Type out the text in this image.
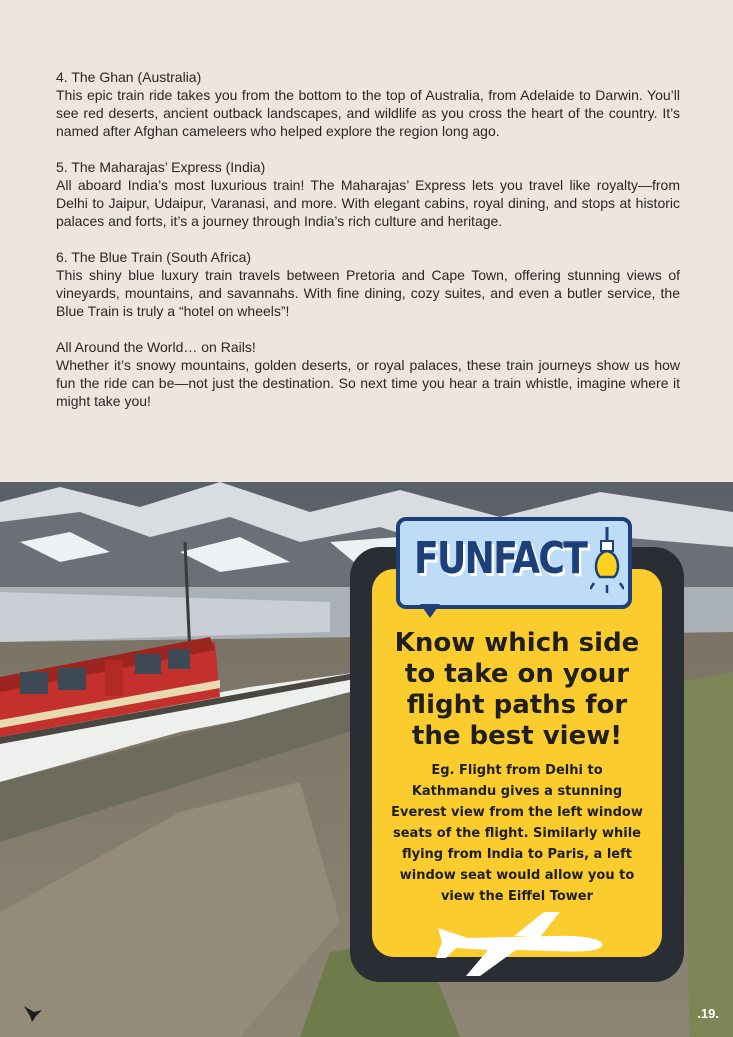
4. The Ghan (Australia)

This epic train ride takes you from the bottom to the top of Australia, from Adelaide to Darwin. You’ll see red deserts, ancient outback landscapes, and wildlife as you cross the heart of the country. It’s named after Afghan cameleers who helped explore the region long ago.

5. The Maharajas’ Express (India)

All aboard India’s most luxurious train! The Maharajas’ Express lets you travel like royalty—from Delhi to Jaipur, Udaipur, Varanasi, and more. With elegant cabins, royal dining, and stops at historic palaces and forts, it’s a journey through India’s rich culture and heritage.

6. The Blue Train (South Africa)

This shiny blue luxury train travels between Pretoria and Cape Town, offering stunning views of vineyards, mountains, and savannahs. With fine dining, cozy suites, and even a butler service, the Blue Train is truly a “hotel on wheels”!

All Around the World… on Rails!

Whether it’s snowy mountains, golden deserts, or royal palaces, these train journeys show us how fun the ride can be—not just the destination. So next time you hear a train whistle, imagine where it might take you!

FUNFACT
Know which side to take on your flight paths for the best view!
Eg. Flight from Delhi to Kathmandu gives a stunning Everest view from the left window seats of the flight. Similarly while flying from India to Paris, a left window seat would allow you to view the Eiffel Tower
.19.
